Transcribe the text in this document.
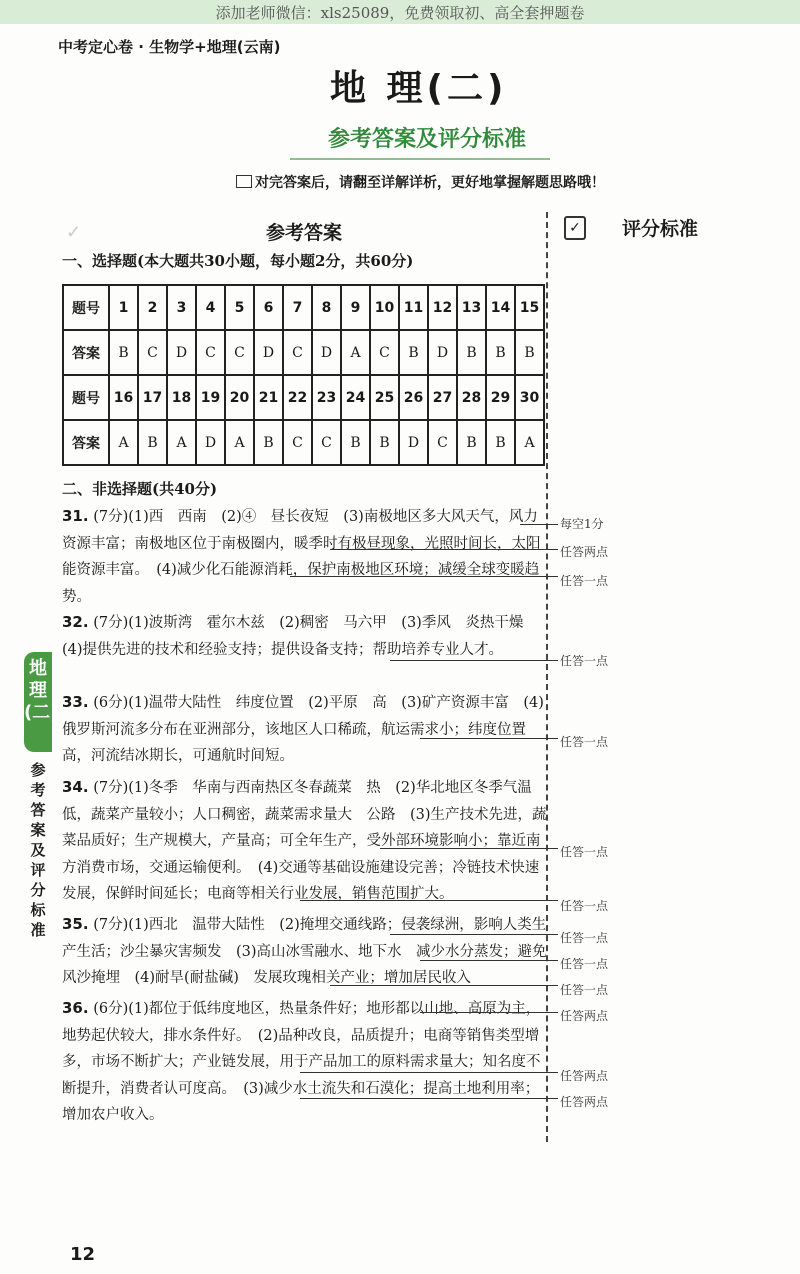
添加老师微信：xls25089，免费领取初、高全套押题卷
中考定心卷 · 生物学+地理(云南)
地 理(二)
参考答案及评分标准
对完答案后，请翻至详解详析，更好地掌握解题思路哦！
✓	参考答案	✓ 评分标准
一、选择题(本大题共30小题，每小题2分，共60分)
题号	1	2	3	4	5	6	7	8	9	10	11	12	13	14	15
答案	B	C	D	C	C	D	C	D	A	C	B	D	B	B	B
题号	16	17	18	19	20	21	22	23	24	25	26	27	28	29	30
答案	A	B	A	D	A	B	C	C	B	B	D	C	B	B	A
二、非选择题(共40分)
31. (7分)(1)西　西南　(2)④　昼长夜短　(3)南极地区多大风天气，风力资源丰富；南极地区位于南极圈内，暖季时有极昼现象，光照时间长，太阳能资源丰富。　(4)减少化石能源消耗，保护南极地区环境；减缓全球变暖趋势。
32. (7分)(1)波斯湾　霍尔木兹　(2)稠密　马六甲　(3)季风　炎热干燥　(4)提供先进的技术和经验支持；提供设备支持；帮助培养专业人才。
33. (6分)(1)温带大陆性　纬度位置　(2)平原　高　(3)矿产资源丰富　(4)俄罗斯河流多分布在亚洲部分，该地区人口稀疏，航运需求小；纬度位置高，河流结冰期长，可通航时间短。
34. (7分)(1)冬季　华南与西南热区冬春蔬菜　热　(2)华北地区冬季气温低，蔬菜产量较小；人口稠密，蔬菜需求量大　公路　(3)生产技术先进，蔬菜品质好；生产规模大，产量高；可全年生产，受外部环境影响小；靠近南方消费市场，交通运输便利。　(4)交通等基础设施建设完善；冷链技术快速发展，保鲜时间延长；电商等相关行业发展，销售范围扩大。
35. (7分)(1)西北　温带大陆性　(2)掩埋交通线路；侵袭绿洲，影响人类生产生活；沙尘暴灾害频发　(3)高山冰雪融水、地下水　减少水分蒸发；避免风沙掩埋　(4)耐旱(耐盐碱)　发展玫瑰相关产业；增加居民收入
36. (6分)(1)都位于低纬度地区，热量条件好；地形都以山地、高原为主，地势起伏较大，排水条件好。　(2)品种改良，品质提升；电商等销售类型增多，市场不断扩大；产业链发展，用于产品加工的原料需求量大；知名度不断提升，消费者认可度高。　(3)减少水土流失和石漠化；提高土地利用率；增加农户收入。
每空1分
任答两点
任答一点
任答一点
任答一点
任答一点
任答一点
任答一点
任答一点
任答一点
任答两点
任答两点
任答两点
地理(二)
参考答案及评分标准
12
